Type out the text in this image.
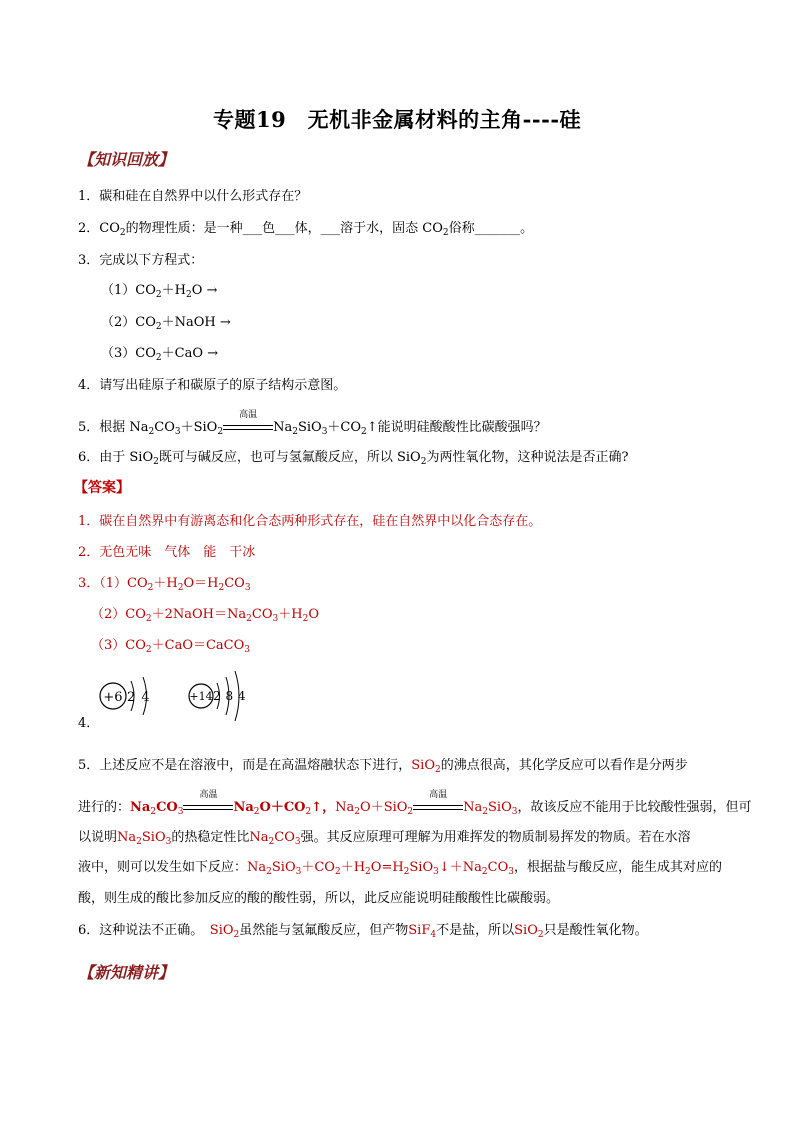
专题19　无机非金属材料的主角----硅
【知识回放】
1．碳和硅在自然界中以什么形式存在？
2．$CO_2$的物理性质：是一种___色___体，___溶于水，固态 $CO_2$俗称_______。
3．完成以下方程式：
$(1)CO_2+H_2O$ →
$(2)CO_2+NaOH$ →
$(3)CO_2+CaO$ →
4．请写出硅原子和碳原子的原子结构示意图。
5．根据 $Na_2CO_3+SiO_2$
高温
$Na_2SiO_3+CO_2↑$能说明硅酸酸性比碳酸强吗？
6．由于 SiO$_2$既可与碱反应，也可与氢氟酸反应，所以 SiO$_2$为两性氧化物，这种说法是否正确?
【答案】
1．碳在自然界中有游离态和化合态两种形式存在，硅在自然界中以化合态存在。
2．无色无味　气体　能　干冰
3．$(1)CO_2+H_2O=H_2CO_3$
$(2)CO_2+2NaOH=Na_2CO_3+H_2O$
$(3)CO_2+CaO=CaCO_3$
+6 2 4	+14 2 8 4
4．
5．上述反应不是在溶液中，而是在高温熔融状态下进行，SiO$_2$的沸点很高，其化学反应可以看作是分两步
进行的：$Na_2CO_3$
高温
$Na_2O+CO_2↑$，$Na_2O+SiO_2$
高温
$Na_2SiO_3$，故该反应不能用于比较酸性强弱，但可
以说明$Na_2SiO_3$的热稳定性比$Na_2CO_3$强。其反应原理可理解为用难挥发的物质制易挥发的物质。若在水溶
液中，则可以发生如下反应：$Na_2SiO_3+CO_2+H_2O=H_2SiO_3↓+Na_2CO_3$，根据盐与酸反应，能生成其对应的
酸，则生成的酸比参加反应的酸的酸性弱，所以，此反应能说明硅酸酸性比碳酸弱。
6．这种说法不正确。　 SiO$_2$虽然能与氢氟酸反应，但产物SiF$_4$不是盐，所以SiO$_2$只是酸性氧化物。
【新知精讲】
